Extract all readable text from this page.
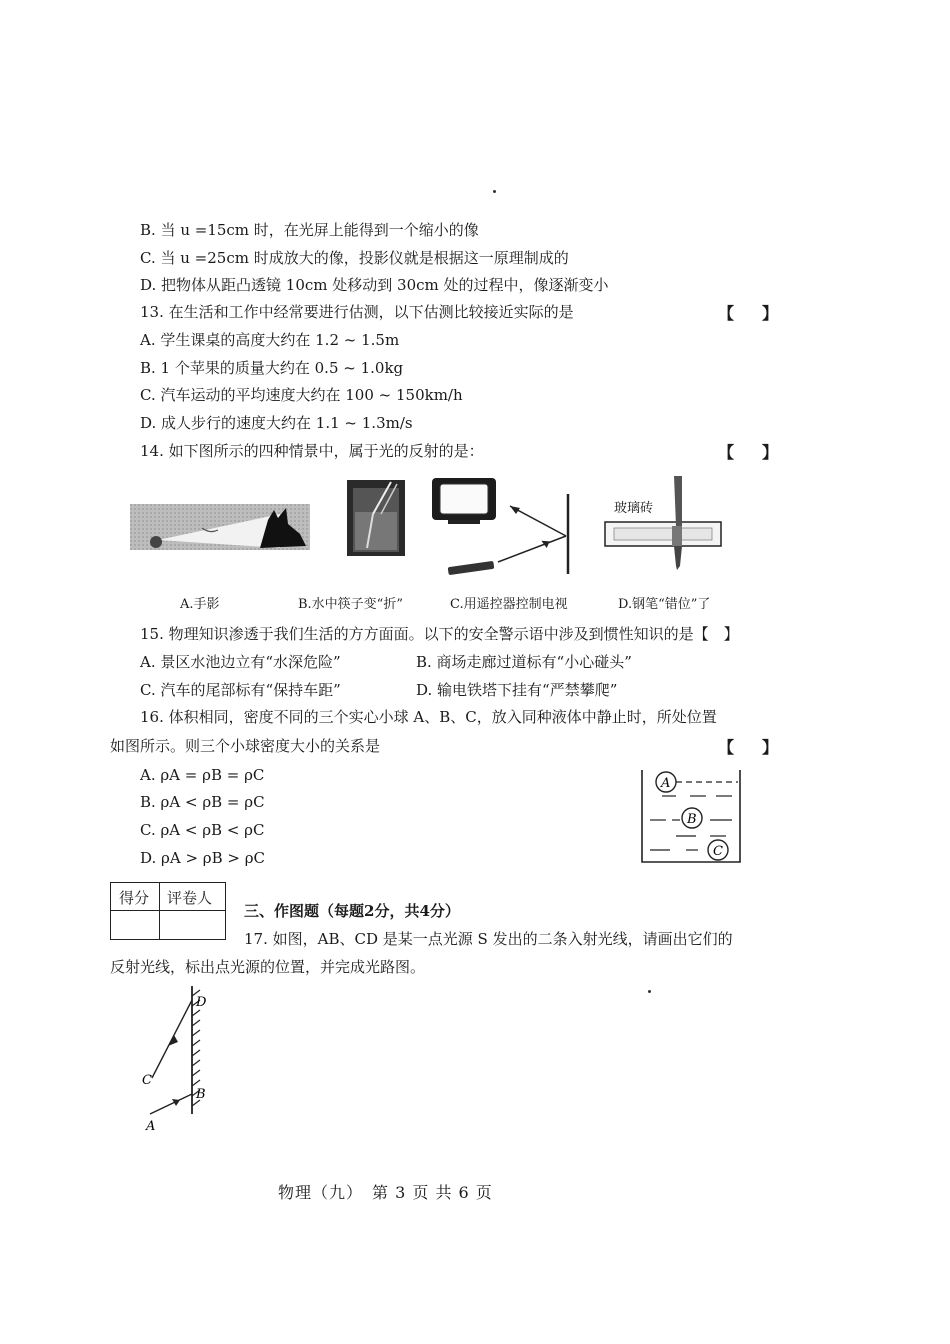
B. 当 u =15cm 时，在光屏上能得到一个缩小的像
C. 当 u =25cm 时成放大的像，投影仪就是根据这一原理制成的
D. 把物体从距凸透镜 10cm 处移动到 30cm 处的过程中，像逐渐变小
13. 在生活和工作中经常要进行估测，以下估测比较接近实际的是	【　】
A. 学生课桌的高度大约在 1.2 ~ 1.5m
B. 1 个苹果的质量大约在 0.5 ~ 1.0kg
C. 汽车运动的平均速度大约在 100 ~ 150km/h
D. 成人步行的速度大约在 1.1 ~ 1.3m/s
14. 如下图所示的四种情景中，属于光的反射的是：	【　】
玻璃砖
A.手影	B.水中筷子变“折”	C.用遥控器控制电视	D.钢笔“错位”了
15. 物理知识渗透于我们生活的方方面面。以下的安全警示语中涉及到惯性知识的是【　】
A. 景区水池边立有“水深危险”	B. 商场走廊过道标有“小心碰头”
C. 汽车的尾部标有“保持车距”	D. 输电铁塔下挂有“严禁攀爬”
16. 体积相同，密度不同的三个实心小球 A、B、C，放入同种液体中静止时，所处位置
如图所示。则三个小球密度大小的关系是	【　】
A. ρA = ρB = ρC
B. ρA < ρB = ρC
C. ρA < ρB < ρC
D. ρA > ρB > ρC
A
B
C
得分 评卷人
三、作图题（每题2分，共4分）
17. 如图，AB、CD 是某一点光源 S 发出的二条入射光线，请画出它们的
反射光线，标出点光源的位置，并完成光路图。
D
C
B
A
物理（九）　第 3 页 共 6 页
